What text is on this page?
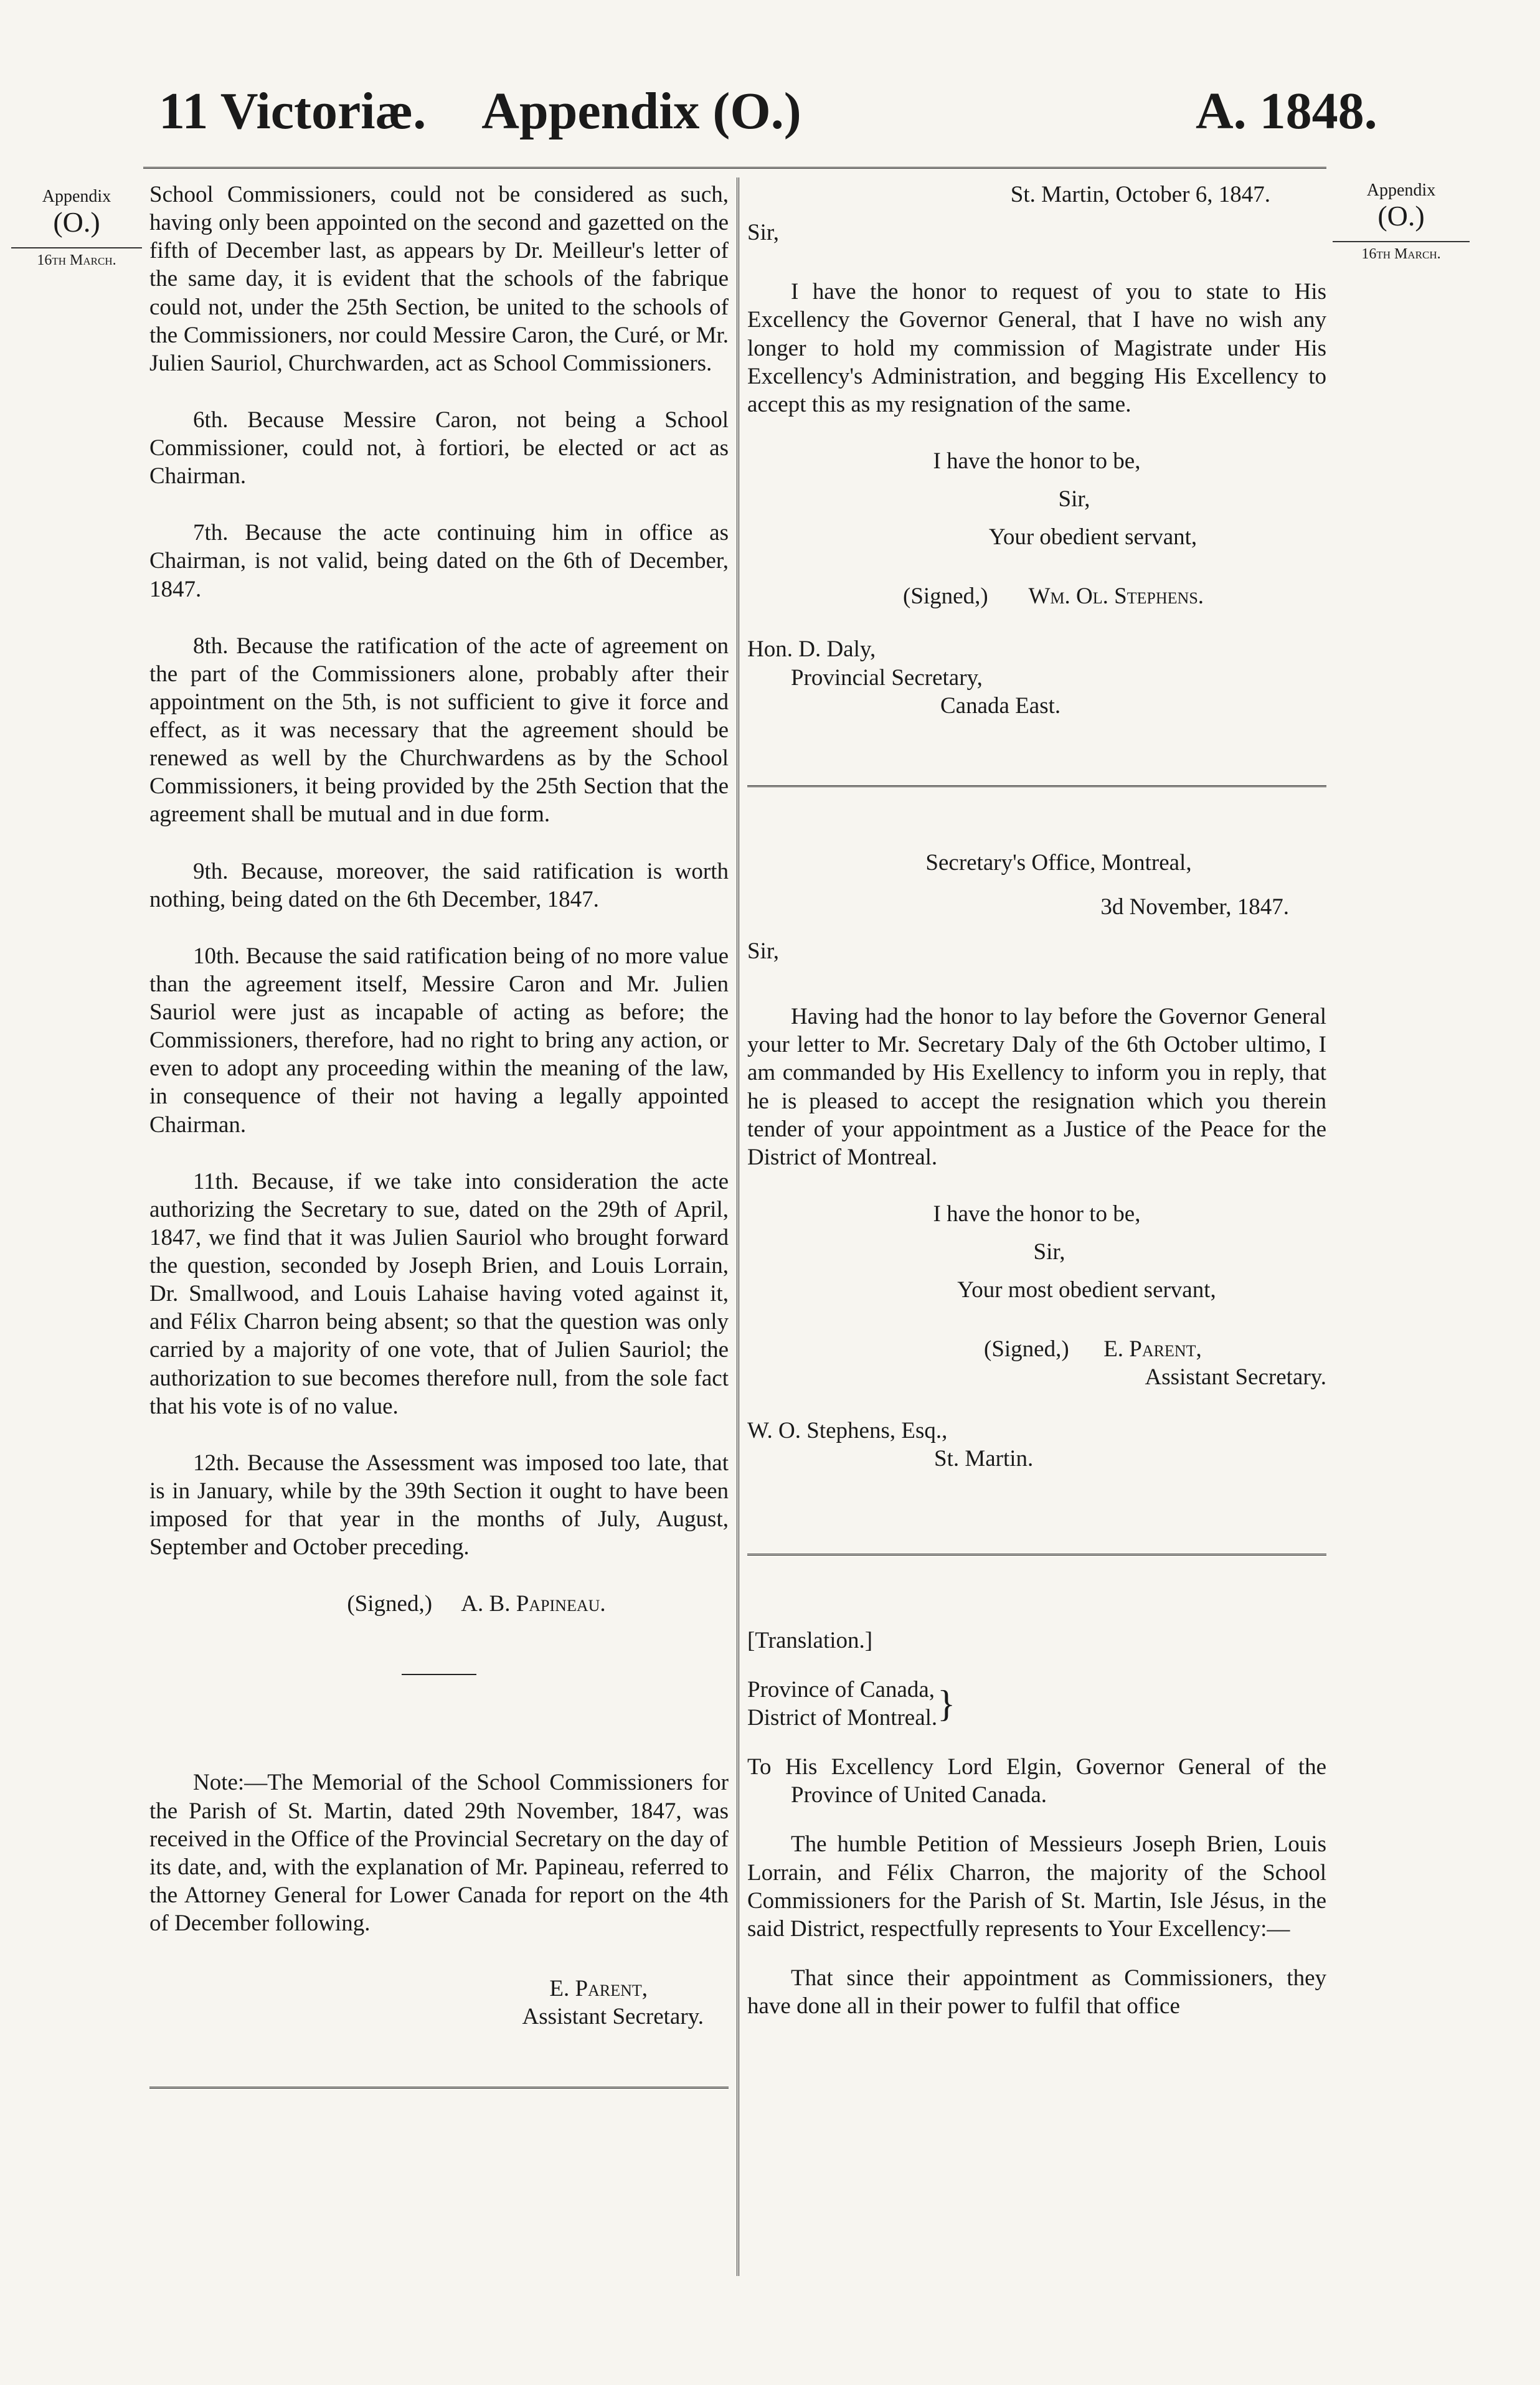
11 Victoriæ.	Appendix (O.)	A. 1848.
Appendix
(O.)
16th March.
Appendix
(O.)
16th March.

School Commissioners, could not be considered as such, having only been appointed on the second and gazetted on the fifth of December last, as appears by Dr. Meilleur's letter of the same day, it is evident that the schools of the fabrique could not, under the 25th Section, be united to the schools of the Commissioners, nor could Messire Caron, the Curé, or Mr. Julien Sauriol, Churchwarden, act as School Commissioners.

6th. Because Messire Caron, not being a School Commissioner, could not, à fortiori, be elected or act as Chairman.

7th. Because the acte continuing him in office as Chairman, is not valid, being dated on the 6th of December, 1847.

8th. Because the ratification of the acte of agreement on the part of the Commissioners alone, probably after their appointment on the 5th, is not sufficient to give it force and effect, as it was necessary that the agreement should be renewed as well by the Churchwardens as by the School Commissioners, it being provided by the 25th Section that the agreement shall be mutual and in due form.

9th. Because, moreover, the said ratification is worth nothing, being dated on the 6th December, 1847.

10th. Because the said ratification being of no more value than the agreement itself, Messire Caron and Mr. Julien Sauriol were just as incapable of acting as before; the Commissioners, therefore, had no right to bring any action, or even to adopt any proceeding within the meaning of the law, in consequence of their not having a legally appointed Chairman.

11th. Because, if we take into consideration the acte authorizing the Secretary to sue, dated on the 29th of April, 1847, we find that it was Julien Sauriol who brought forward the question, seconded by Joseph Brien, and Louis Lorrain, Dr. Smallwood, and Louis Lahaise having voted against it, and Félix Charron being absent; so that the question was only carried by a majority of one vote, that of Julien Sauriol; the authorization to sue becomes therefore null, from the sole fact that his vote is of no value.

12th. Because the Assessment was imposed too late, that is in January, while by the 39th Section it ought to have been imposed for that year in the months of July, August, September and October preceding.

(Signed,) A. B. Papineau.

Note:—The Memorial of the School Commissioners for the Parish of St. Martin, dated 29th November, 1847, was received in the Office of the Provincial Secretary on the day of its date, and, with the explanation of Mr. Papineau, referred to the Attorney General for Lower Canada for report on the 4th of December following.

E. Parent,

Assistant Secretary.

St. Martin, October 6, 1847.

Sir,

I have the honor to request of you to state to His Excellency the Governor General, that I have no wish any longer to hold my commission of Magistrate under His Excellency's Administration, and begging His Excellency to accept this as my resignation of the same.

I have the honor to be,

Sir,

Your obedient servant,

(Signed,) Wm. Ol. Stephens.

Hon. D. Daly,

Provincial Secretary,

Canada East.

Secretary's Office, Montreal,

3d November, 1847.

Sir,

Having had the honor to lay before the Governor General your letter to Mr. Secretary Daly of the 6th October ultimo, I am commanded by His Exellency to inform you in reply, that he is pleased to accept the resignation which you therein tender of your appointment as a Justice of the Peace for the District of Montreal.

I have the honor to be,

Sir,

Your most obedient servant,

(Signed,) E. Parent,

Assistant Secretary.

W. O. Stephens, Esq.,

St. Martin.

[Translation.]

Province of Canada,

District of Montreal. }

To His Excellency Lord Elgin, Governor General of the Province of United Canada.

The humble Petition of Messieurs Joseph Brien, Louis Lorrain, and Félix Charron, the majority of the School Commissioners for the Parish of St. Martin, Isle Jésus, in the said District, respectfully represents to Your Excellency:—

That since their appointment as Commissioners, they have done all in their power to fulfil that office
